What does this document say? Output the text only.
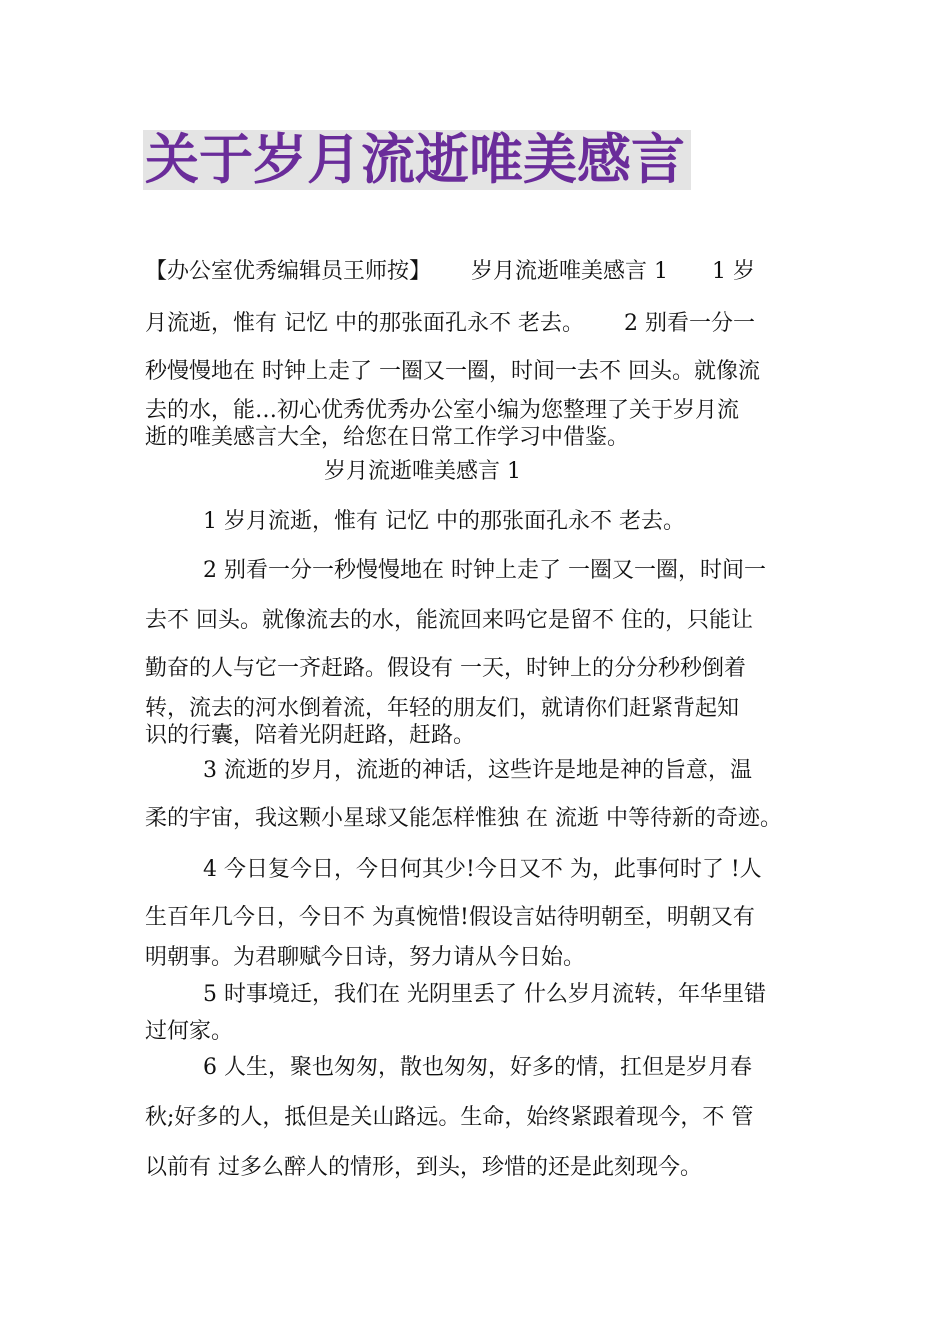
关于岁月流逝唯美感言
【办公室优秀编辑员王师按】　　 岁月流逝唯美感言 1　　1 岁
月流逝，惟有 记忆 中的那张面孔永不 老去。　　 2 别看一分一
秒慢慢地在 时钟上走了 一圈又一圈，时间一去不 回头。就像流
去的水，能…初心优秀优秀办公室小编为您整理了关于岁月流
逝的唯美感言大全，给您在日常工作学习中借鉴。
岁月流逝唯美感言 1
1 岁月流逝，惟有 记忆 中的那张面孔永不 老去。
2 别看一分一秒慢慢地在 时钟上走了 一圈又一圈，时间一
去不 回头。就像流去的水，能流回来吗它是留不 住的，只能让
勤奋的人与它一齐赶路。假设有 一天，时钟上的分分秒秒倒着
转，流去的河水倒着流，年轻的朋友们，就请你们赶紧背起知
识的行囊，陪着光阴赶路，赶路。
3 流逝的岁月，流逝的神话，这些许是地是神的旨意，温
柔的宇宙，我这颗小星球又能怎样惟独 在 流逝 中等待新的奇迹。
4 今日复今日，今日何其少!今日又不 为，此事何时了 !人
生百年几今日，今日不 为真惋惜!假设言姑待明朝至，明朝又有
明朝事。为君聊赋今日诗，努力请从今日始。
5 时事境迁，我们在 光阴里丢了 什么岁月流转，年华里错
过何家。
6 人生，聚也匆匆，散也匆匆，好多的情，扛但是岁月春
秋;好多的人，抵但是关山路远。生命，始终紧跟着现今，不 管
以前有 过多么醉人的情形，到头，珍惜的还是此刻现今。
